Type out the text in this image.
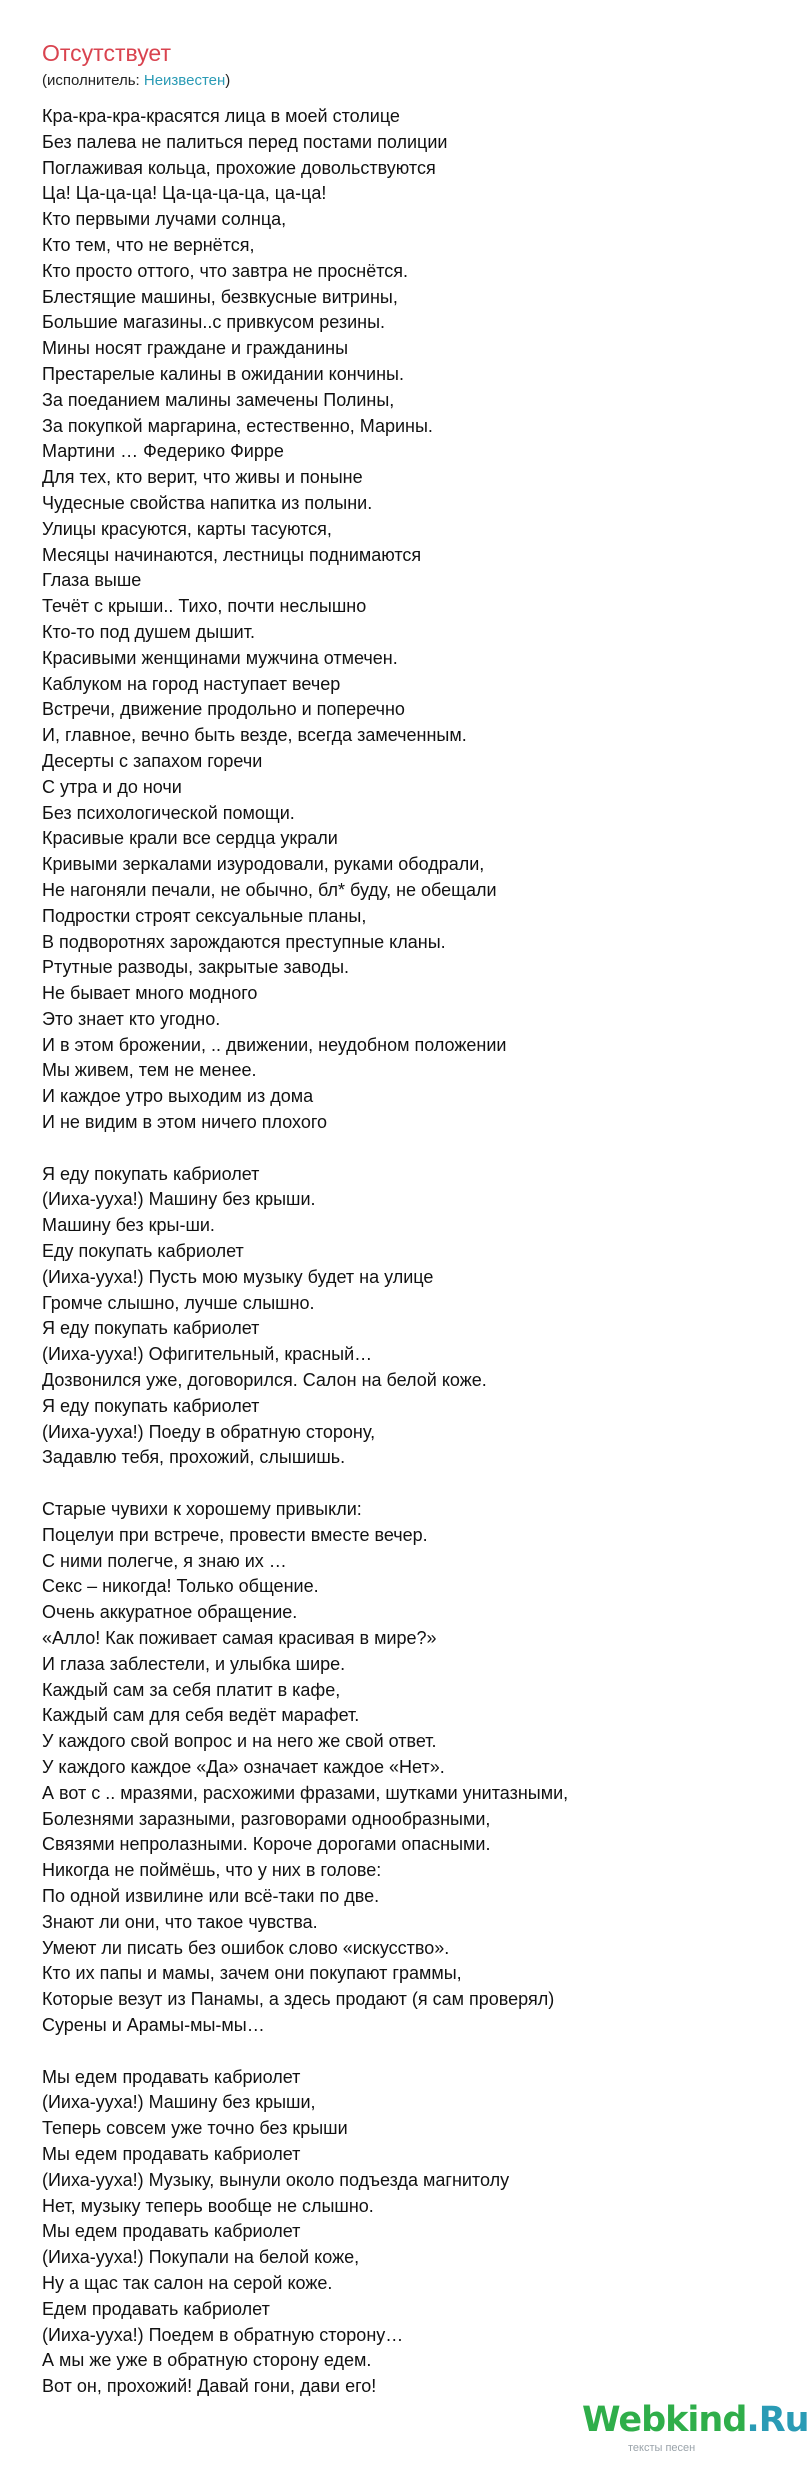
Отсутствует
(исполнитель: Неизвестен)
Кра-кра-кра-красятся лица в моей столице
Без палева не палиться перед постами полиции
Поглаживая кольца, прохожие довольствуются
Ца! Ца-ца-ца! Ца-ца-ца-ца, ца-ца!
Кто первыми лучами солнца,
Кто тем, что не вернётся,
Кто просто оттого, что завтра не проснётся.
Блестящие машины, безвкусные витрины,
Большие магазины..с привкусом резины.
Мины носят граждане и гражданины
Престарелые калины в ожидании кончины.
За поеданием малины замечены Полины,
За покупкой маргарина, естественно, Марины.
Мартини … Федерико Фирре
Для тех, кто верит, что живы и поныне
Чудесные свойства напитка из полыни.
Улицы красуются, карты тасуются,
Месяцы начинаются, лестницы поднимаются
Глаза выше
Течёт с крыши.. Тихо, почти неслышно
Кто-то под душем дышит.
Красивыми женщинами мужчина отмечен.
Каблуком на город наступает вечер
Встречи, движение продольно и поперечно
И, главное, вечно быть везде, всегда замеченным.
Десерты с запахом горечи
С утра и до ночи
Без психологической помощи.
Красивые крали все сердца украли
Кривыми зеркалами изуродовали, руками ободрали,
Не нагоняли печали, не обычно, бл* буду, не обещали
Подростки строят сексуальные планы,
В подворотнях зарождаются преступные кланы.
Ртутные разводы, закрытые заводы.
Не бывает много модного
Это знает кто угодно.
И в этом брожении, .. движении, неудобном положении
Мы живем, тем не менее.
И каждое утро выходим из дома
И не видим в этом ничего плохого
Я еду покупать кабриолет
(Ииха-ууха!) Машину без крыши.
Машину без кры-ши.
Еду покупать кабриолет
(Ииха-ууха!) Пусть мою музыку будет на улице
Громче слышно, лучше слышно.
Я еду покупать кабриолет
(Ииха-ууха!) Офигительный, красный…
Дозвонился уже, договорился. Салон на белой коже.
Я еду покупать кабриолет
(Ииха-ууха!) Поеду в обратную сторону,
Задавлю тебя, прохожий, слышишь.
Старые чувихи к хорошему привыкли:
Поцелуи при встрече, провести вместе вечер.
С ними полегче, я знаю их …
Секс – никогда! Только общение.
Очень аккуратное обращение.
«Алло! Как поживает самая красивая в мире?»
И глаза заблестели, и улыбка шире.
Каждый сам за себя платит в кафе,
Каждый сам для себя ведёт марафет.
У каждого свой вопрос и на него же свой ответ.
У каждого каждое «Да» означает каждое «Нет».
А вот с .. мразями, расхожими фразами, шутками унитазными,
Болезнями заразными, разговорами однообразными,
Связями непролазными. Короче дорогами опасными.
Никогда не поймёшь, что у них в голове:
По одной извилине или всё-таки по две.
Знают ли они, что такое чувства.
Умеют ли писать без ошибок слово «искусство».
Кто их папы и мамы, зачем они покупают граммы,
Которые везут из Панамы, а здесь продают (я сам проверял)
Сурены и Арамы-мы-мы…
Мы едем продавать кабриолет
(Ииха-ууха!) Машину без крыши,
Теперь совсем уже точно без крыши
Мы едем продавать кабриолет
(Ииха-ууха!) Музыку, вынули около подъезда магнитолу
Нет, музыку теперь вообще не слышно.
Мы едем продавать кабриолет
(Ииха-ууха!) Покупали на белой коже,
Ну а щас так салон на серой коже.
Едем продавать кабриолет
(Ииха-ууха!) Поедем в обратную сторону…
А мы же уже в обратную сторону едем.
Вот он, прохожий! Давай гони, дави его!
Webkind.Ru
тексты песен
